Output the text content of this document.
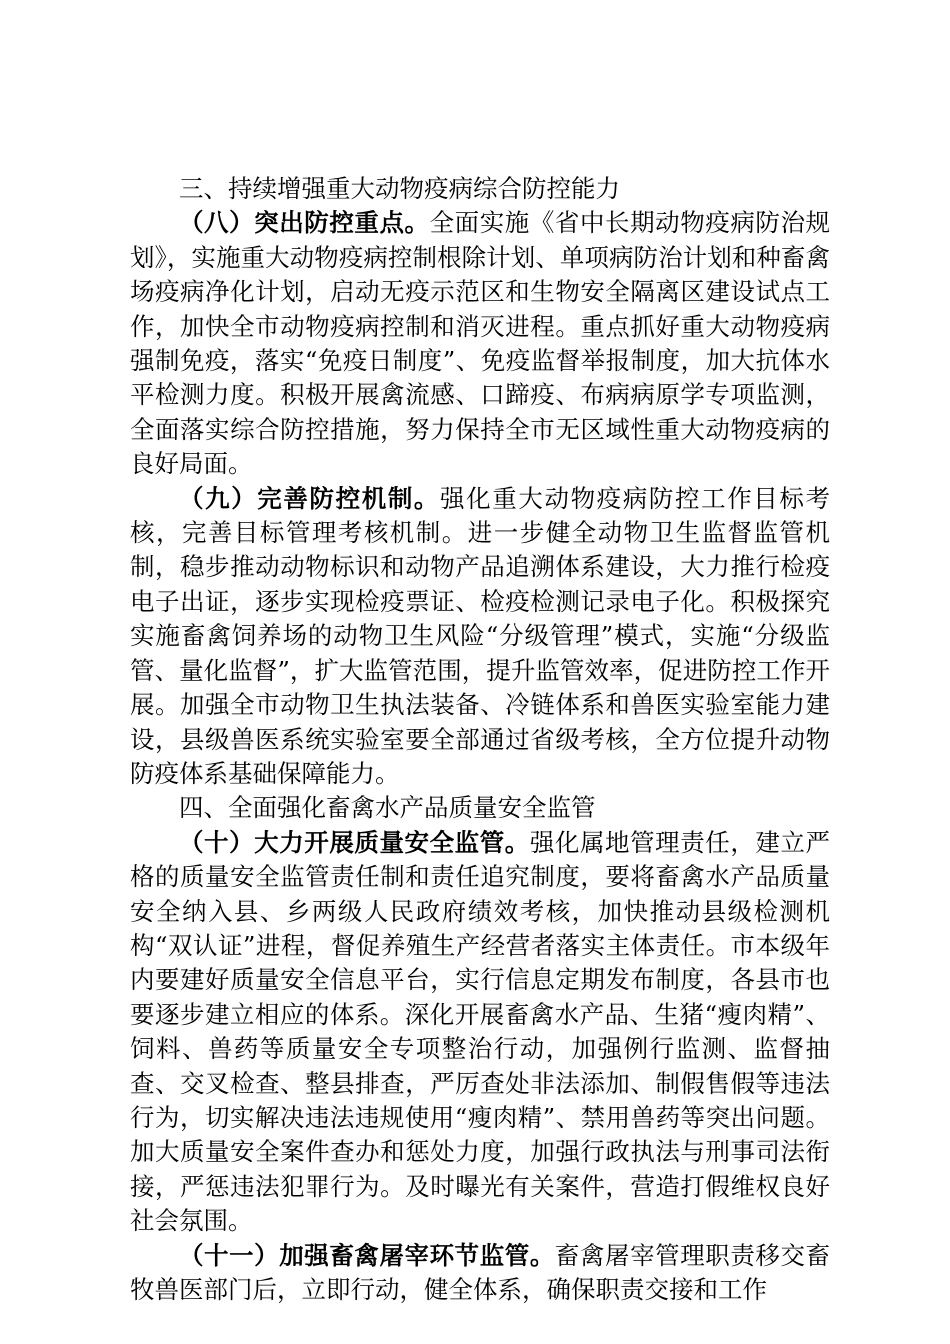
三、持续增强重大动物疫病综合防控能力

（八）突出防控重点。全面实施《省中长期动物疫病防治规划》，实施重大动物疫病控制根除计划、单项病防治计划和种畜禽场疫病净化计划，启动无疫示范区和生物安全隔离区建设试点工作，加快全市动物疫病控制和消灭进程。重点抓好重大动物疫病强制免疫，落实“免疫日制度”、免疫监督举报制度，加大抗体水平检测力度。积极开展禽流感、口蹄疫、布病病原学专项监测，全面落实综合防控措施，努力保持全市无区域性重大动物疫病的良好局面。

（九）完善防控机制。强化重大动物疫病防控工作目标考核，完善目标管理考核机制。进一步健全动物卫生监督监管机制，稳步推动动物标识和动物产品追溯体系建设，大力推行检疫电子出证，逐步实现检疫票证、检疫检测记录电子化。积极探究实施畜禽饲养场的动物卫生风险“分级管理”模式，实施“分级监管、量化监督”，扩大监管范围，提升监管效率，促进防控工作开展。加强全市动物卫生执法装备、冷链体系和兽医实验室能力建设，县级兽医系统实验室要全部通过省级考核，全方位提升动物防疫体系基础保障能力。

四、全面强化畜禽水产品质量安全监管

（十）大力开展质量安全监管。强化属地管理责任，建立严格的质量安全监管责任制和责任追究制度，要将畜禽水产品质量安全纳入县、乡两级人民政府绩效考核，加快推动县级检测机构“双认证”进程，督促养殖生产经营者落实主体责任。市本级年内要建好质量安全信息平台，实行信息定期发布制度，各县市也要逐步建立相应的体系。深化开展畜禽水产品、生猪“瘦肉精”、饲料、兽药等质量安全专项整治行动，加强例行监测、监督抽查、交叉检查、整县排查，严厉查处非法添加、制假售假等违法行为，切实解决违法违规使用“瘦肉精”、禁用兽药等突出问题。加大质量安全案件查办和惩处力度，加强行政执法与刑事司法衔接，严惩违法犯罪行为。及时曝光有关案件，营造打假维权良好社会氛围。

（十一）加强畜禽屠宰环节监管。畜禽屠宰管理职责移交畜牧兽医部门后，立即行动，健全体系，确保职责交接和工作
